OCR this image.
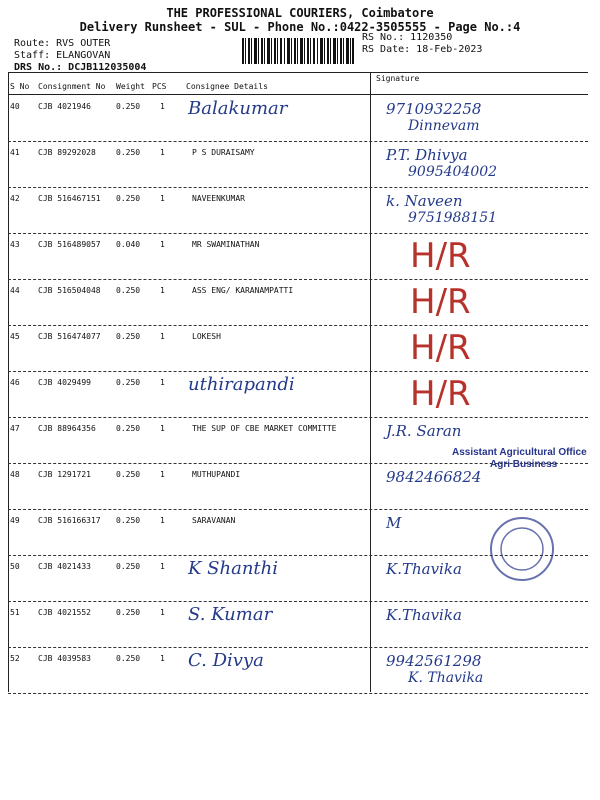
THE PROFESSIONAL COURIERS, Coimbatore
Delivery Runsheet - SUL - Phone No.:0422-3505555 - Page No.:4
Route: RVS OUTER
Staff: ELANGOVAN
DRS No.: DCJB112035004
RS No.: 1120350
RS Date: 18-Feb-2023
S No Consignment No Weight PCS Consignee Details
Signature
40 CJB 4021946	0.250 1 Balakumar	9710932258
Dinnevam
41 CJB 89292028	0.250 1	P S DURAISAMY	P.T. Dhivya
9095404002
42 CJB 516467151 0.250 1	NAVEENKUMAR	k. Naveen
9751988151
43 CJB 516489057 0.040 1	MR SWAMINATHAN	H/R
44 CJB 516504048 0.250 1	ASS ENG/ KARANAMPATTI	H/R
45 CJB 516474077 0.250 1	LOKESH	H/R
46 CJB 4029499	0.250 1 uthirapandi	H/R
47 CJB 88964356	0.250 1	THE SUP OF CBE MARKET COMMITTE	J.R. Saran
48 CJB 1291721	0.250 1	MUTHUPANDI	9842466824
49 CJB 516166317 0.250 1	SARAVANAN	M
50 CJB 4021433	0.250 1 K Shanthi	K.Thavika
51 CJB 4021552	0.250 1 S. Kumar	K.Thavika
52 CJB 4039583	0.250 1 C. Divya	9942561298
K. Thavika
Assistant Agricultural Office
Agri Business
